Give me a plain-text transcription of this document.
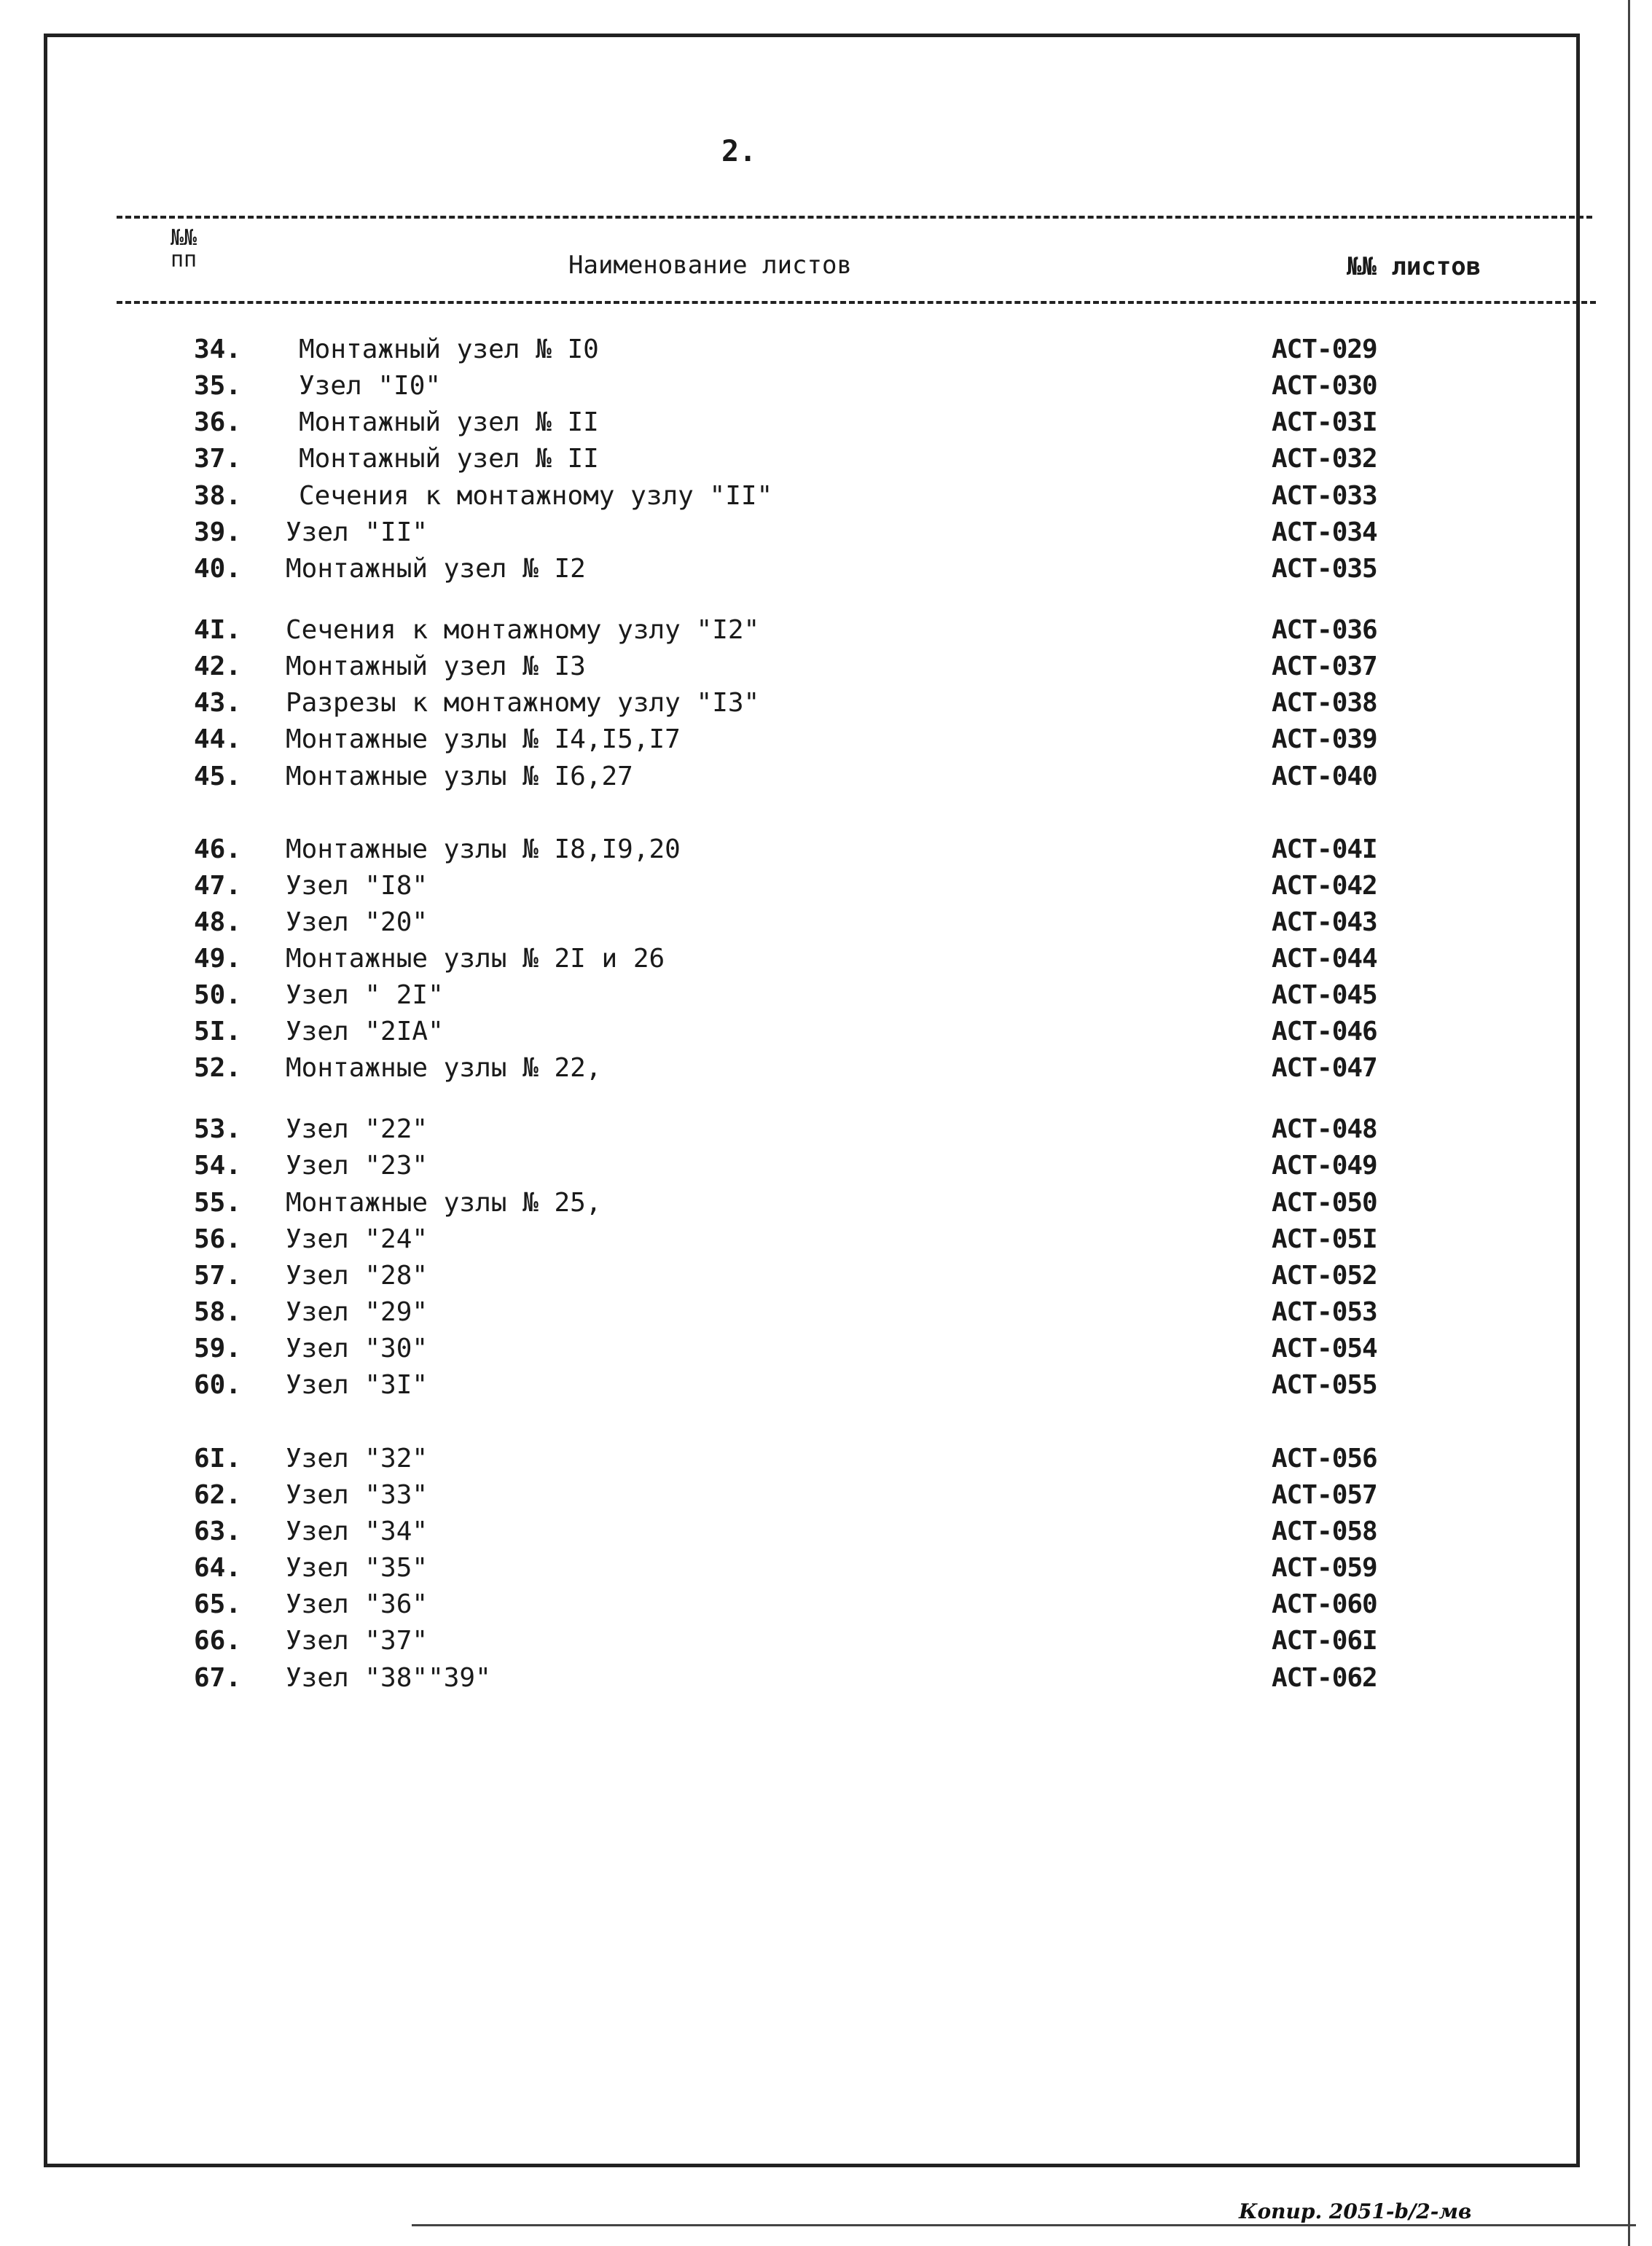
2.
№№
пп	Наименование листов	№№ листов
34. Монтажный узел № I0	АСТ-029
35. Узел "I0"	АСТ-030
36. Монтажный узел № II	АСТ-03I
37. Монтажный узел № II	АСТ-032
38. Сечения к монтажному узлу "II"	АСТ-033
39. Узел "II"	АСТ-034
40. Монтажный узел № I2	АСТ-035
4I. Сечения к монтажному узлу "I2"	АСТ-036
42. Монтажный узел № I3	АСТ-037
43. Разрезы к монтажному узлу "I3"	АСТ-038
44. Монтажные узлы № I4,I5,I7	АСТ-039
45. Монтажные узлы № I6,27	АСТ-040
46. Монтажные узлы № I8,I9,20	АСТ-04I
47. Узел "I8"	АСТ-042
48. Узел "20"	АСТ-043
49. Монтажные узлы № 2I и 26	АСТ-044
50. Узел " 2I"	АСТ-045
5I. Узел "2IА"	АСТ-046
52. Монтажные узлы № 22,	АСТ-047
53. Узел "22"	АСТ-048
54. Узел "23"	АСТ-049
55. Монтажные узлы № 25,	АСТ-050
56. Узел "24"	АСТ-05I
57. Узел "28"	АСТ-052
58. Узел "29"	АСТ-053
59. Узел "30"	АСТ-054
60. Узел "3I"	АСТ-055
6I. Узел "32"	АСТ-056
62. Узел "33"	АСТ-057
63. Узел "34"	АСТ-058
64. Узел "35"	АСТ-059
65. Узел "36"	АСТ-060
66. Узел "37"	АСТ-06I
67. Узел "38""39"	АСТ-062
Копир. 2051-b/2-мв
